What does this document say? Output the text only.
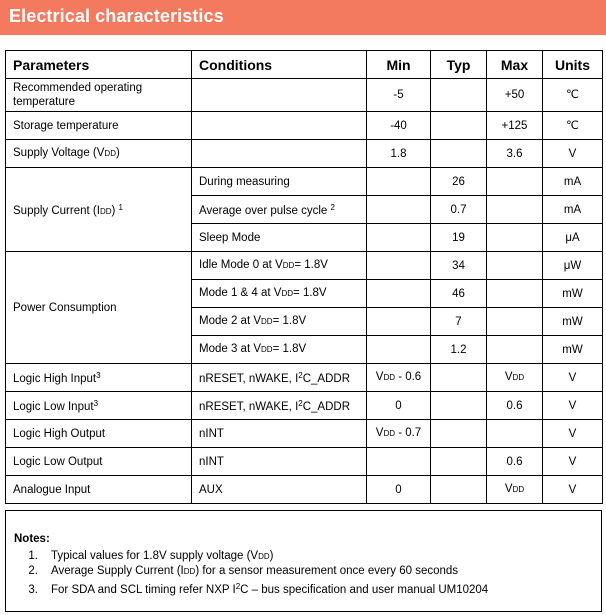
Electrical characteristics
Parameters	Conditions	Min	Typ	Max	Units
Recommended operating temperature		-5		+50	℃
Storage temperature		-40		+125	℃
Supply Voltage (VDD)		1.8		3.6	V
Supply Current (IDD) $^1$	During measuring		26		mA
	Average over pulse cycle $^2$		0.7		mA
	Sleep Mode		19		μA
Power Consumption	Idle Mode 0 at VDD= 1.8V		34		μW
	Mode 1 & 4 at VDD= 1.8V		46		mW
	Mode 2 at VDD= 1.8V		7		mW
	Mode 3 at VDD= 1.8V		1.2		mW
Logic High Input$^3$	nRESET, nWAKE, $I^2C\_ADDR$	VDD - 0.6		VDD	V
Logic Low Input$^3$	nRESET, nWAKE, $I^2C\_ADDR$	0		0.6	V
Logic High Output	nINT	VDD - 0.7			V
Logic Low Output	nINT			0.6	V
Analogue Input	AUX	0		VDD	V
Notes:
1. Typical values for 1.8V supply voltage (VDD)
2. Average Supply Current (IDD) for a sensor measurement once every 60 seconds
3. For SDA and SCL timing refer NXP $I^2C$ – bus specification and user manual UM10204
